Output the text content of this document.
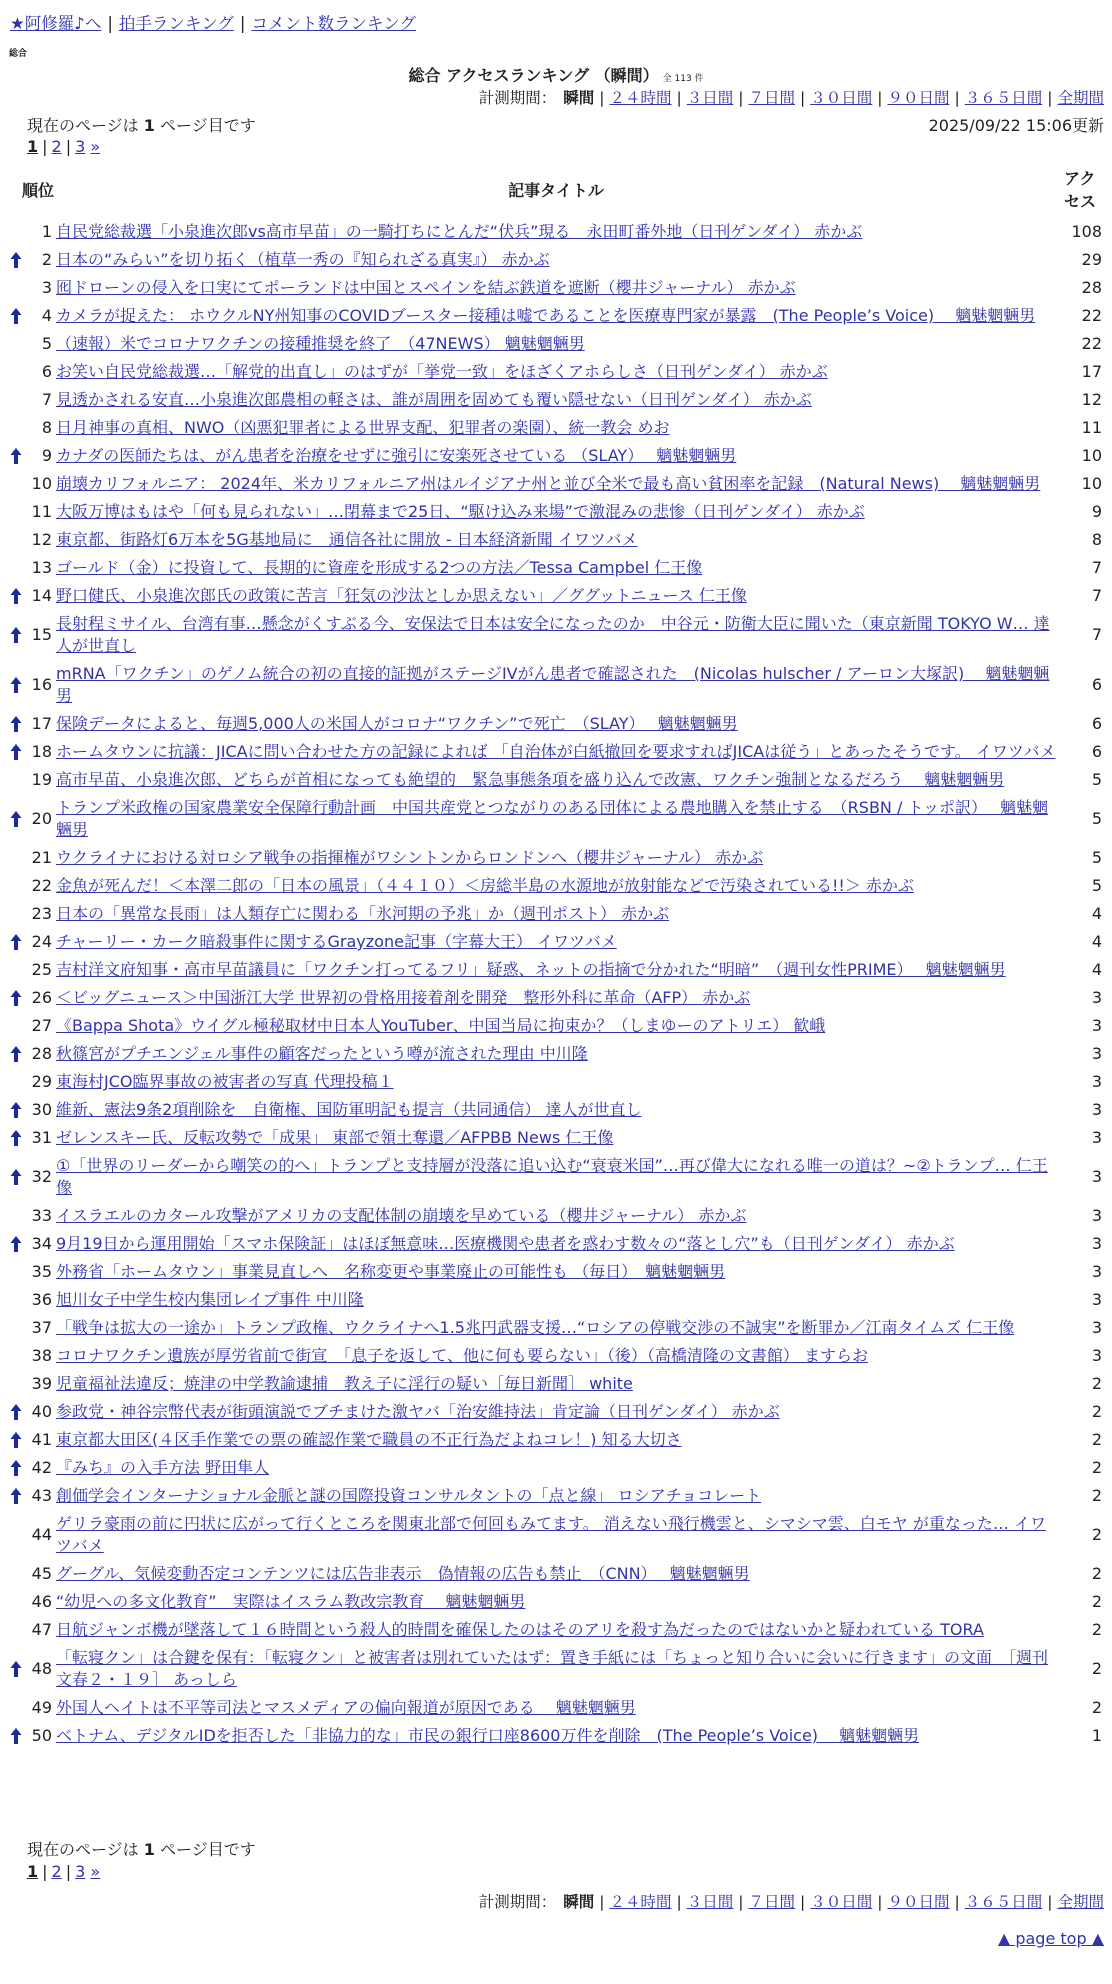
★阿修羅♪へ | 拍手ランキング | コメント数ランキング
総合
総合 アクセスランキング （瞬間） 全 113 件
計測期間： 瞬間 | ２４時間 | ３日間 | ７日間 | ３０日間 | ９０日間 | ３６５日間 | 全期間
現在のページは 1 ページ目です	2025/09/22 15:06更新
1 | 2 | 3 »
順位	記事タイトル	アクセス
1	自民党総裁選「小泉進次郎vs高市早苗」の一騎打ちにとんだ“伏兵”現る　永田町番外地（日刊ゲンダイ） 赤かぶ	108

2	日本の“みらい”を切り拓く（植草一秀の『知られざる真実』） 赤かぶ	29
3	囮ドローンの侵入を口実にてポーランドは中国とスペインを結ぶ鉄道を遮断（櫻井ジャーナル） 赤かぶ	28

4	カメラが捉えた： ホウクルNY州知事のCOVIDブースター接種は嘘であることを医療専門家が暴露　(The People’s Voice)　 魑魅魍魎男	22
5	（速報）米でコロナワクチンの接種推奨を終了　（47NEWS） 魑魅魍魎男	22
6	お笑い自民党総裁選…「解党的出直し」のはずが「挙党一致」をほざくアホらしさ（日刊ゲンダイ） 赤かぶ	17
7	見透かされる安直…小泉進次郎農相の軽さは、誰が周囲を固めても覆い隠せない（日刊ゲンダイ） 赤かぶ	12
8	日月神事の真相、NWO（凶悪犯罪者による世界支配、犯罪者の楽園）、統一教会 めお	11

9	カナダの医師たちは、がん患者を治療をせずに強引に安楽死させている （SLAY）　 魑魅魍魎男	10
10	崩壊カリフォルニア： 2024年、米カリフォルニア州はルイジアナ州と並び全米で最も高い貧困率を記録　(Natural News)　 魑魅魍魎男	10
11	大阪万博はもはや「何も見られない」…閉幕まで25日、“駆け込み来場”で激混みの悲惨（日刊ゲンダイ） 赤かぶ	9
12	東京都、街路灯6万本を5G基地局に　通信各社に開放 - 日本経済新聞 イワツバメ	8
13	ゴールド（金）に投資して、長期的に資産を形成する2つの方法／Tessa Campbel 仁王像	7

14	野口健氏、小泉進次郎氏の政策に苦言「狂気の沙汰としか思えない」／ググットニュース 仁王像	7

15	長射程ミサイル、台湾有事…懸念がくすぶる今、安保法で日本は安全になったのか　中谷元・防衛大臣に聞いた（東京新聞 TOKYO W… 達人が世直し	7

16	mRNA「ワクチン」のゲノム統合の初の直接的証拠がステージIVがん患者で確認された　(Nicolas hulscher / アーロン大塚訳)　 魑魅魍魎男	6

17	保険データによると、毎週5,000人の米国人がコロナ“ワクチン”で死亡　（SLAY）　 魑魅魍魎男	6

18	ホームタウンに抗議：JICAに問い合わせた方の記録によれば 「自治体が白紙撤回を要求すればJICAは従う」とあったそうです。 イワツバメ	6
19	高市早苗、小泉進次郎、どちらが首相になっても絶望的　緊急事態条項を盛り込んで改憲、ワクチン強制となるだろう　 魑魅魍魎男	5

20	トランプ米政権の国家農業安全保障行動計画　中国共産党とつながりのある団体による農地購入を禁止する　（RSBN / トッポ訳）　 魑魅魍魎男	5
21	ウクライナにおける対ロシア戦争の指揮権がワシントンからロンドンへ（櫻井ジャーナル） 赤かぶ	5
22	金魚が死んだ！＜本澤二郎の「日本の風景」（４４１０）＜房総半島の水源地が放射能などで汚染されている!!＞ 赤かぶ	5
23	日本の「異常な長雨」は人類存亡に関わる「氷河期の予兆」か（週刊ポスト） 赤かぶ	4

24	チャーリー・カーク暗殺事件に関するGrayzone記事（字幕大王） イワツバメ	4
25	吉村洋文府知事・高市早苗議員に「ワクチン打ってるフリ」疑惑、ネットの指摘で分かれた“明暗”　（週刊女性PRIME）　 魑魅魍魎男	4

26	＜ビッグニュース＞中国浙江大学 世界初の骨格用接着剤を開発　整形外科に革命（AFP） 赤かぶ	3
27	《Bappa Shota》ウイグル極秘取材中日本人YouTuber、中国当局に拘束か？（しまゆーのアトリエ） 歓峨	3

28	秋篠宮がプチエンジェル事件の顧客だったという噂が流された理由 中川隆	3
29	東海村JCO臨界事故の被害者の写真 代理投稿１	3

30	維新、憲法9条2項削除を　自衛権、国防軍明記も提言（共同通信） 達人が世直し	3

31	ゼレンスキー氏、反転攻勢で「成果」 東部で領土奪還／AFPBB News 仁王像	3

32	①「世界のリーダーから嘲笑の的へ」トランプと支持層が没落に追い込む“衰衰米国”…再び偉大になれる唯一の道は？~②トランプ… 仁王像	3
33	イスラエルのカタール攻撃がアメリカの支配体制の崩壊を早めている（櫻井ジャーナル） 赤かぶ	3

34	9月19日から運用開始「スマホ保険証」はほぼ無意味…医療機関や患者を惑わす数々の“落とし穴”も（日刊ゲンダイ） 赤かぶ	3
35	外務省「ホームタウン」事業見直しへ　名称変更や事業廃止の可能性も （毎日）　魑魅魍魎男	3
36	旭川女子中学生校内集団レイプ事件 中川隆	3
37	「戦争は拡大の一途か」トランプ政権、ウクライナへ1.5兆円武器支援…“ロシアの停戦交渉の不誠実”を断罪か／江南タイムズ 仁王像	3
38	コロナワクチン遺族が厚労省前で街宣　「息子を返して、他に何も要らない」（後）（高橋清隆の文書館） ますらお	3
39	児童福祉法違反；焼津の中学教諭逮捕　教え子に淫行の疑い［毎日新聞］ white	2

40	参政党・神谷宗幣代表が街頭演説でブチまけた激ヤバ「治安維持法」肯定論（日刊ゲンダイ） 赤かぶ	2

41	東京都大田区(４区手作業での票の確認作業で職員の不正行為だよねコレ！) 知る大切さ	2

42	『みち』の入手方法 野田隼人	2

43	創価学会インターナショナル金脈と謎の国際投資コンサルタントの「点と線」 ロシアチョコレート	2
44	ゲリラ豪雨の前に円状に広がって行くところを関東北部で何回もみてます。 消えない飛行機雲と、シマシマ雲、白モヤ が重なった… イワツバメ	2
45	グーグル、気候変動否定コンテンツには広告非表示　偽情報の広告も禁止　（CNN）　 魑魅魍魎男	2
46	“幼児への多文化教育”　実際はイスラム教改宗教育　 魑魅魍魎男	2
47	日航ジャンボ機が墜落して１６時間という殺人的時間を確保したのはそのアリを殺す為だったのではないかと疑われている TORA	2

48	「転寝クン」は合鍵を保有：「転寝クン」と被害者は別れていたはず：置き手紙には「ちょっと知り合いに会いに行きます」の文面　［週刊文春２・１９］ あっしら	2
49	外国人ヘイトは不平等司法とマスメディアの偏向報道が原因である　 魑魅魍魎男	2

50	ベトナム、デジタルIDを拒否した「非協力的な」市民の銀行口座8600万件を削除　(The People’s Voice)　 魑魅魍魎男	1
現在のページは 1 ページ目です
1 | 2 | 3 »
計測期間： 瞬間 | ２４時間 | ３日間 | ７日間 | ３０日間 | ９０日間 | ３６５日間 | 全期間
▲ page top ▲
